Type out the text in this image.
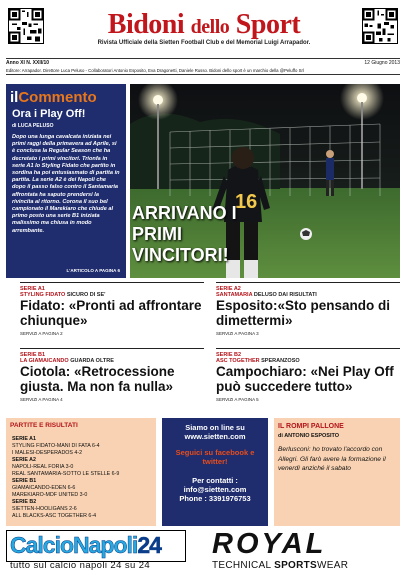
Bidoni dello Sport
Rivista Ufficiale della Sietten Football Club e del Memorial Luigi Arrapador.
Anno XI N. XXII/10	12 Giugno 2013
Editore: Arrapador. Direttore Luca Peluso - Collaboratori Antonio Esposito, Eva Dragonetti, Daniele Russo. Bidoni dello sport è un marchio della @Peluffo Srl
ilCommento
Ora i Play Off!
di LUCA PELUSO
Dopo una lunga cavalcata iniziata nei primi raggi della primavera ad Aprile, si è conclusa la Regular Season che ha decretato i primi vincitori. Trionfa in serie A1 lo Styling Fidato che partito in sordina ha poi entusiasmato di partita in partita. La serie A2 è dei Napoli che dopo il passo falso contro il Santamaria affrontata ha saputo prendersi la rivincita al ritorno. Corona il suo bel campionato il Marekiaro che chiude al primo posto una serie B1 iniziata malissimo ma chiusa in modo arrembante.
L'ARTICOLO A PAGINA 6
16
ARRIVANO I
PRIMI
VINCITORI!
SERIE A1
STYLING FIDATO SICURO DI SE'
Fidato: «Pronti ad affrontare chiunque»
SERVIZI A PAGINA 2
SERIE A2
SANTAMARIA DELUSO DAI RISULTATI
Esposito:«Sto pensando di dimettermi»
SERVIZI A PAGINA 3
SERIE B1
LA GIAMAICANDO GUARDA OLTRE
Ciotola: «Retrocessione giusta. Ma non fa nulla»
SERVIZI A PAGINA 4
SERIE B2
ASC TOGETHER SPERANZOSO
Campochiaro: «Nei Play Off può succedere tutto»
SERVIZI A PAGINA 5
PARTITE E RISULTATI
SERIE A1
STYLING FIDATO-MANI DI FATA 6-4
I MALESI-DESPERADOS 4-2
SERIE A2
NAPOLI-REAL FORIA 3-0
REAL SANTAMARIA-SOTTO LE STELLE 6-9
SERIE B1
GIAMAICANDO-EDEN 6-6
MAREKIARO-MDF UNITED 3-0
SERIE B2
SIETTEN-HOOLIGANS 2-6
ALL BLACKS-ASC TOGETHER 6-4
Siamo on line su
www.sietten.com
Seguici su facebook e
twitter!
Per contatti :
info@sietten.com
Phone : 3391976753
IL ROMPI PALLONE
di ANTONIO ESPOSITO
Berlusconi: ho trovato l'accordo con Allegri. Gli farò avere la formazione il venerdì anziché il sabato
CalcioNapoli24
tutto sul calcio napoli 24 su 24
ROYAL
TECHNICAL SPORTSWEAR
